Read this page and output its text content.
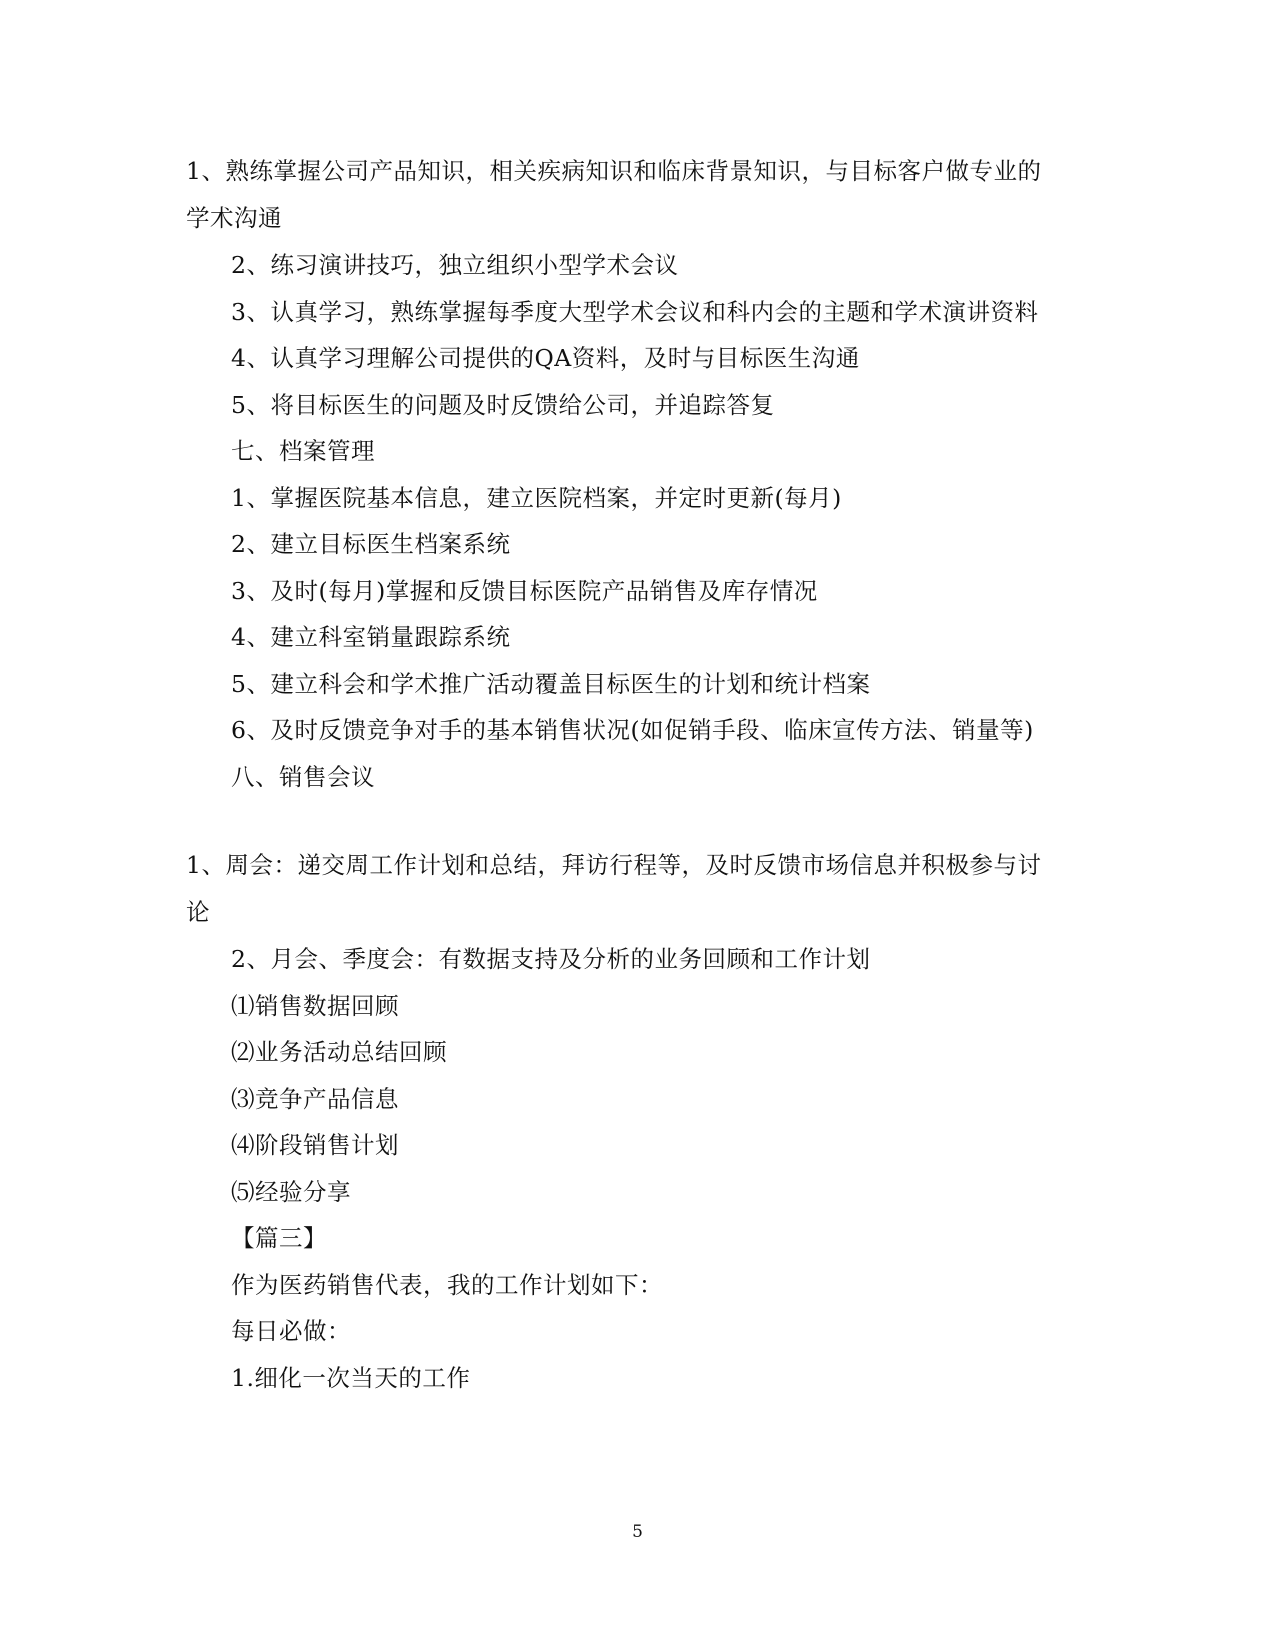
1、熟练掌握公司产品知识，相关疾病知识和临床背景知识，与目标客户做专业的
学术沟通
2、练习演讲技巧，独立组织小型学术会议
3、认真学习，熟练掌握每季度大型学术会议和科内会的主题和学术演讲资料
4、认真学习理解公司提供的QA资料，及时与目标医生沟通
5、将目标医生的问题及时反馈给公司，并追踪答复
七、档案管理
1、掌握医院基本信息，建立医院档案，并定时更新(每月)
2、建立目标医生档案系统
3、及时(每月)掌握和反馈目标医院产品销售及库存情况
4、建立科室销量跟踪系统
5、建立科会和学术推广活动覆盖目标医生的计划和统计档案
6、及时反馈竞争对手的基本销售状况(如促销手段、临床宣传方法、销量等)
八、销售会议
1、周会：递交周工作计划和总结，拜访行程等，及时反馈市场信息并积极参与讨
论
2、月会、季度会：有数据支持及分析的业务回顾和工作计划
⑴销售数据回顾
⑵业务活动总结回顾
⑶竞争产品信息
⑷阶段销售计划
⑸经验分享
【篇三】
作为医药销售代表，我的工作计划如下：
每日必做：
1.细化一次当天的工作
5
